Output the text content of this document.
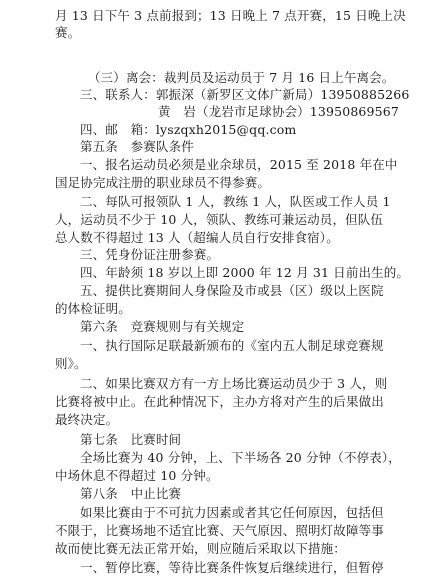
月 13 日下午 3 点前报到；13 日晚上 7 点开赛，15 日晚上决
赛。
（三）离会：裁判员及运动员于 7 月 16 日上午离会。
三、联系人：郭振深（新罗区文体广新局）13950885266
黄　岩（龙岩市足球协会）13950869567
四、邮　箱：lyszqxh2015@qq.com
第五条　参赛队条件
一、报名运动员必须是业余球员，2015 至 2018 年在中
国足协完成注册的职业球员不得参赛。
二、每队可报领队 1 人，教练 1 人，队医或工作人员 1
人，运动员不少于 10 人，领队、教练可兼运动员，但队伍
总人数不得超过 13 人（超编人员自行安排食宿）。
三、凭身份证注册参赛。
四、年龄须 18 岁以上即 2000 年 12 月 31 日前出生的。
五、提供比赛期间人身保险及市或县（区）级以上医院
的体检证明。
第六条　竞赛规则与有关规定
一、执行国际足联最新颁布的《室内五人制足球竞赛规
则》。
二、如果比赛双方有一方上场比赛运动员少于 3 人，则
比赛将被中止。在此种情况下，主办方将对产生的后果做出
最终决定。
第七条　比赛时间
全场比赛为 40 分钟，上、下半场各 20 分钟（不停表），
中场休息不得超过 10 分钟。
第八条　中止比赛
如果比赛由于不可抗力因素或者其它任何原因，包括但
不限于，比赛场地不适宜比赛、天气原因、照明灯故障等事
故而使比赛无法正常开始，则应随后采取以下措施：
一、暂停比赛，等待比赛条件恢复后继续进行，但暂停
